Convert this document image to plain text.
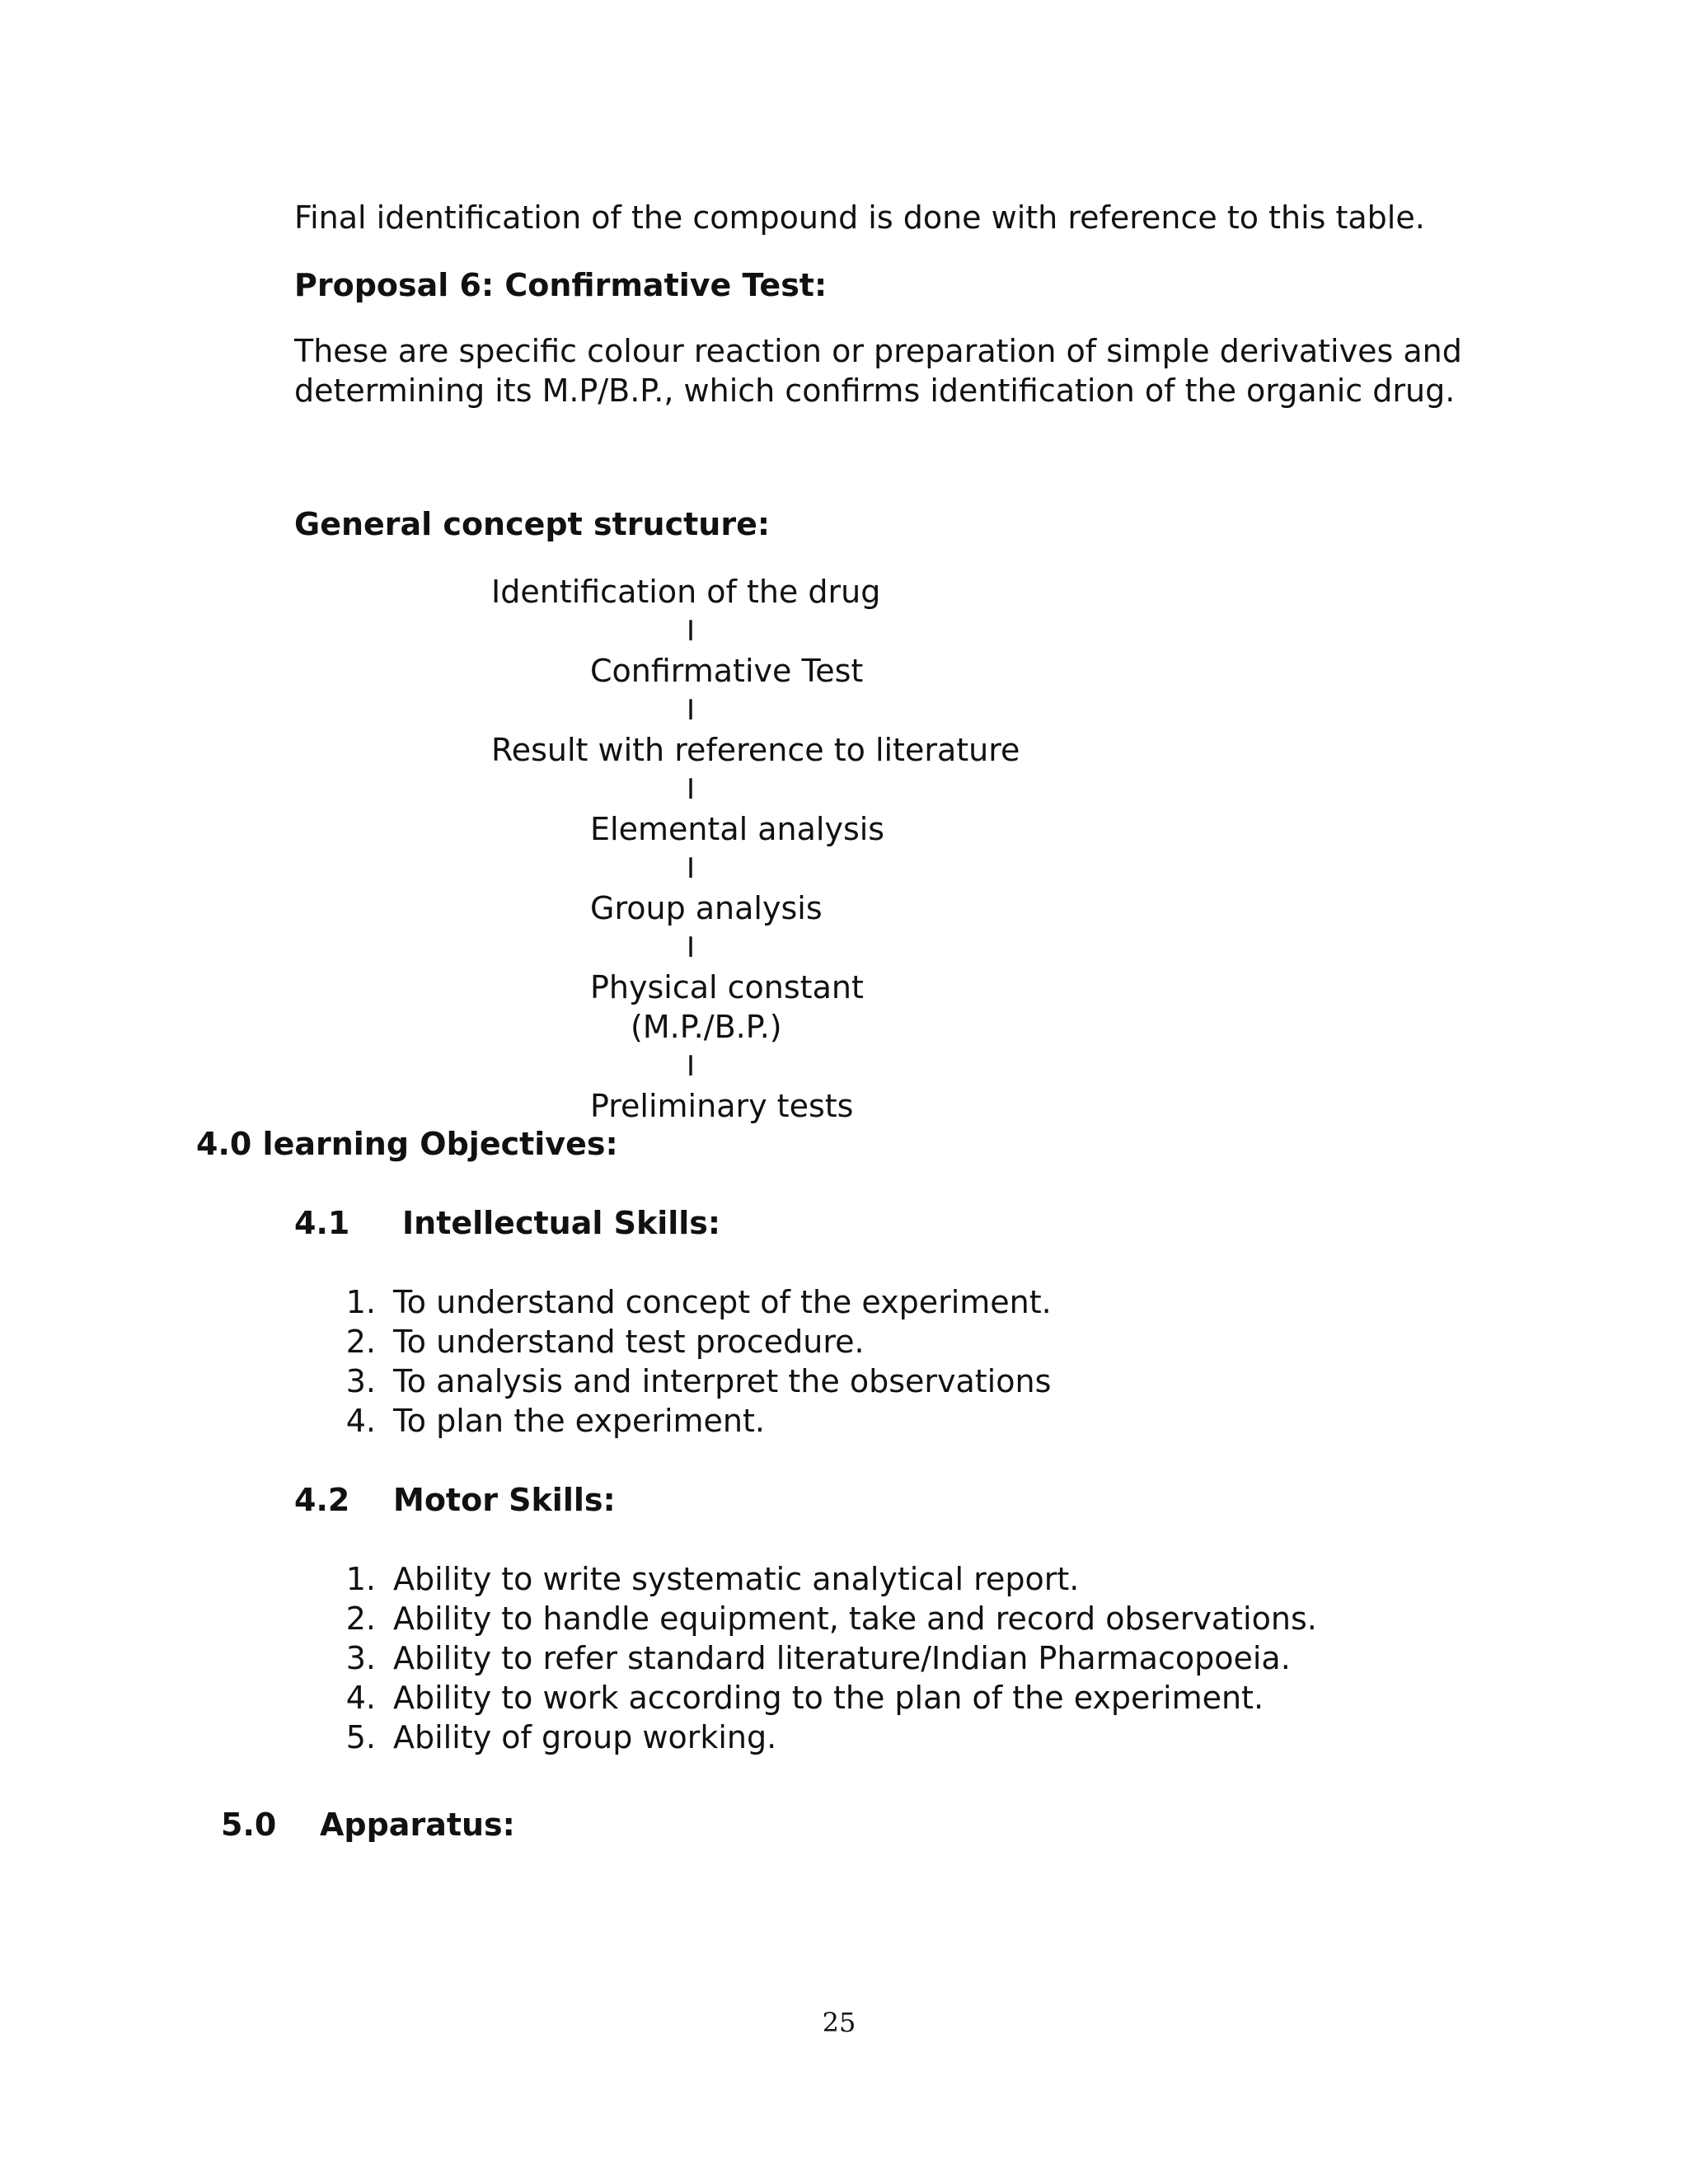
Final identification of the compound is done with reference to this table.
Proposal 6: Confirmative Test:
These are specific colour reaction or preparation of simple derivatives and
determining its M.P/B.P., which confirms identification of the organic drug.
General concept structure:
Identification of the drug
I
Confirmative Test
I
Result with reference to literature
I
Elemental analysis
I
Group analysis
I
Physical constant
(M.P./B.P.)
I
Preliminary tests
4.0 learning Objectives:
4.1 Intellectual Skills:
1. To understand concept of the experiment.
2. To understand test procedure.
3. To analysis and interpret the observations
4. To plan the experiment.
4.2 Motor Skills:
1. Ability to write systematic analytical report.
2. Ability to handle equipment, take and record observations.
3. Ability to refer standard literature/Indian Pharmacopoeia.
4. Ability to work according to the plan of the experiment.
5. Ability of group working.
5.0 Apparatus:
25
